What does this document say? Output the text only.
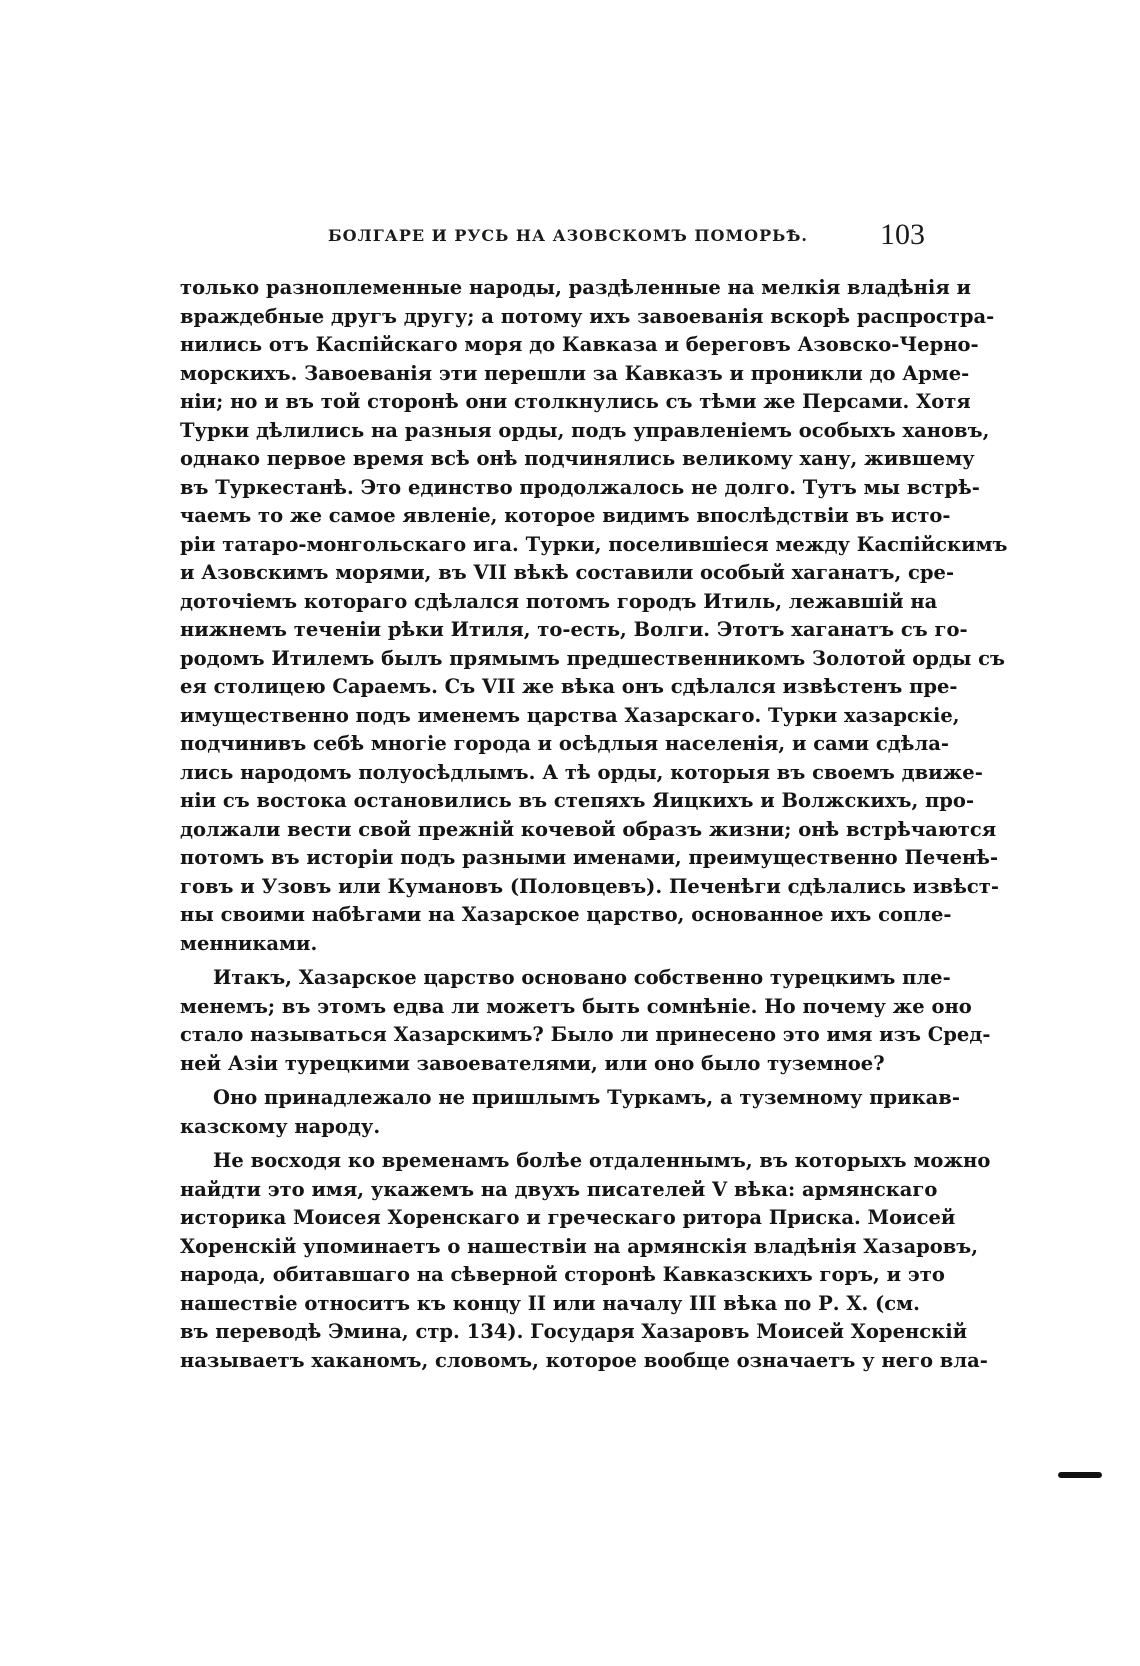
БОЛГАРЕ И РУСЬ НА АЗОВСКОМЪ ПОМОРЬѢ. 103
только разноплеменные народы, раздѣленные на мелкія владѣнія и
враждебные другъ другу; а потому ихъ завоеванія вскорѣ распростра-
нились отъ Каспійскаго моря до Кавказа и береговъ Азовско-Черно-
морскихъ. Завоеванія эти перешли за Кавказъ и проникли до Арме-
ніи; но и въ той сторонѣ они столкнулись съ тѣми же Персами. Хотя
Турки дѣлились на разныя орды, подъ управленіемъ особыхъ хановъ,
однако первое время всѣ онѣ подчинялись великому хану, жившему
въ Туркестанѣ. Это единство продолжалось не долго. Тутъ мы встрѣ-
чаемъ то же самое явленіе, которое видимъ впослѣдствіи въ исто-
ріи татаро-монгольскаго ига. Турки, поселившіеся между Каспійскимъ
и Азовскимъ морями, въ VII вѣкѣ составили особый хаганатъ, сре-
доточіемъ котораго сдѣлался потомъ городъ Итиль, лежавшій на
нижнемъ теченіи рѣки Итиля, то-есть, Волги. Этотъ хаганатъ съ го-
родомъ Итилемъ былъ прямымъ предшественникомъ Золотой орды съ
ея столицею Сараемъ. Съ VII же вѣка онъ сдѣлался извѣстенъ пре-
имущественно подъ именемъ царства Хазарскаго. Турки хазарскіе,
подчинивъ себѣ многіе города и осѣдлыя населенія, и сами сдѣла-
лись народомъ полуосѣдлымъ. А тѣ орды, которыя въ своемъ движе-
ніи съ востока остановились въ степяхъ Яицкихъ и Волжскихъ, про-
должали вести свой прежній кочевой образъ жизни; онѣ встрѣчаются
потомъ въ исторіи подъ разными именами, преимущественно Печенѣ-
говъ и Узовъ или Кумановъ (Половцевъ). Печенѣги сдѣлались извѣст-
ны своими набѣгами на Хазарское царство, основанное ихъ сопле-
менниками.
Итакъ, Хазарское царство основано собственно турецкимъ пле-
менемъ; въ этомъ едва ли можетъ быть сомнѣніе. Но почему же оно
стало называться Хазарскимъ? Было ли принесено это имя изъ Сред-
ней Азіи турецкими завоевателями, или оно было туземное?
Оно принадлежало не пришлымъ Туркамъ, а туземному прикав-
казскому народу.
Не восходя ко временамъ болѣе отдаленнымъ, въ которыхъ можно
найдти это имя, укажемъ на двухъ писателей V вѣка: армянскаго
историка Моисея Хоренскаго и греческаго ритора Приска. Моисей
Хоренскій упоминаетъ о нашествіи на армянскія владѣнія Хазаровъ,
народа, обитавшаго на сѣверной сторонѣ Кавказскихъ горъ, и это
нашествіе относитъ къ концу II или началу III вѣка по Р. Х. (см.
въ переводѣ Эмина, стр. 134). Государя Хазаровъ Моисей Хоренскій
называетъ хаканомъ, словомъ, которое вообще означаетъ у него вла-
